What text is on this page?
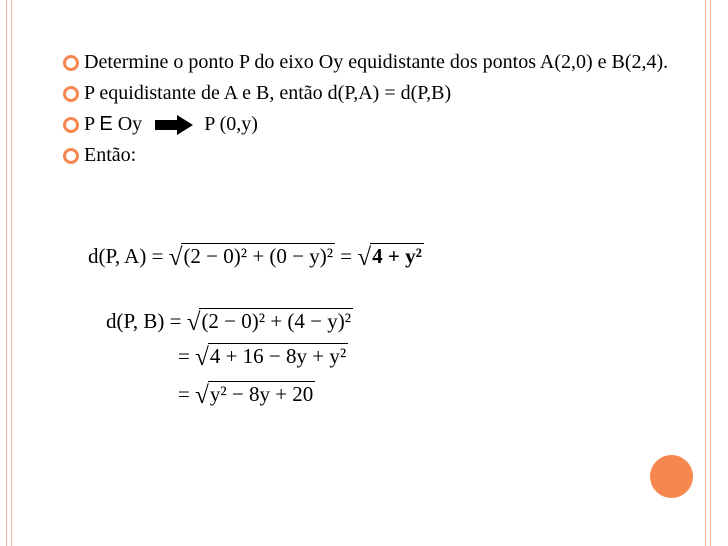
Determine o ponto P do eixo Oy equidistante dos pontos A(2,0) e B(2,4).
P equidistante de A e B, então d(P,A) = d(P,B)
P E Oy	P (0,y)
Então:
d(P, A) = √(2 − 0)² + (0 − y)² = √4 + y²
d(P, B) = √(2 − 0)² + (4 − y)²
= √4 + 16 − 8y + y²
= √y² − 8y + 20
